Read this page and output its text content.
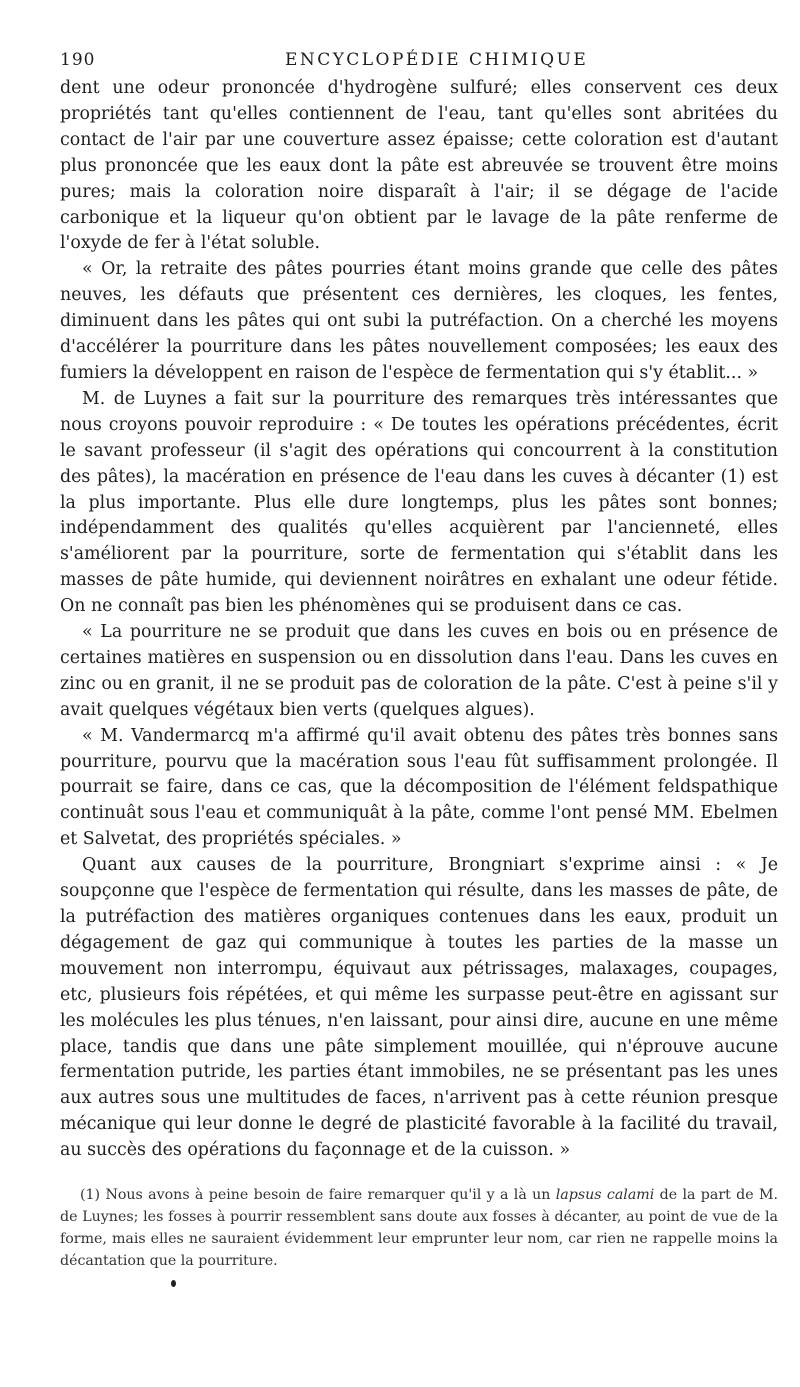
190	ENCYCLOPÉDIE CHIMIQUE

dent une odeur prononcée d'hydrogène sulfuré; elles conservent ces deux propriétés tant qu'elles contiennent de l'eau, tant qu'elles sont abritées du contact de l'air par une couverture assez épaisse; cette coloration est d'autant plus prononcée que les eaux dont la pâte est abreuvée se trouvent être moins pures; mais la coloration noire disparaît à l'air; il se dégage de l'acide carbonique et la liqueur qu'on obtient par le lavage de la pâte renferme de l'oxyde de fer à l'état soluble.

« Or, la retraite des pâtes pourries étant moins grande que celle des pâtes neuves, les défauts que présentent ces dernières, les cloques, les fentes, diminuent dans les pâtes qui ont subi la putréfaction. On a cherché les moyens d'accélérer la pourriture dans les pâtes nouvellement composées; les eaux des fumiers la développent en raison de l'espèce de fermentation qui s'y établit... »

M. de Luynes a fait sur la pourriture des remarques très intéressantes que nous croyons pouvoir reproduire : « De toutes les opérations précédentes, écrit le savant professeur (il s'agit des opérations qui concourrent à la constitution des pâtes), la macération en présence de l'eau dans les cuves à décanter (1) est la plus importante. Plus elle dure longtemps, plus les pâtes sont bonnes; indépendamment des qualités qu'elles acquièrent par l'ancienneté, elles s'améliorent par la pourriture, sorte de fermentation qui s'établit dans les masses de pâte humide, qui deviennent noirâtres en exhalant une odeur fétide. On ne connaît pas bien les phénomènes qui se produisent dans ce cas.

« La pourriture ne se produit que dans les cuves en bois ou en présence de certaines matières en suspension ou en dissolution dans l'eau. Dans les cuves en zinc ou en granit, il ne se produit pas de coloration de la pâte. C'est à peine s'il y avait quelques végétaux bien verts (quelques algues).

« M. Vandermarcq m'a affirmé qu'il avait obtenu des pâtes très bonnes sans pourriture, pourvu que la macération sous l'eau fût suffisamment prolongée. Il pourrait se faire, dans ce cas, que la décomposition de l'élément feldspathique continuât sous l'eau et communiquât à la pâte, comme l'ont pensé MM. Ebelmen et Salvetat, des propriétés spéciales. »

Quant aux causes de la pourriture, Brongniart s'exprime ainsi : « Je soupçonne que l'espèce de fermentation qui résulte, dans les masses de pâte, de la putréfaction des matières organiques contenues dans les eaux, produit un dégagement de gaz qui communique à toutes les parties de la masse un mouvement non interrompu, équivaut aux pétrissages, malaxages, coupages, etc, plusieurs fois répétées, et qui même les surpasse peut-être en agissant sur les molécules les plus ténues, n'en laissant, pour ainsi dire, aucune en une même place, tandis que dans une pâte simplement mouillée, qui n'éprouve aucune fermentation putride, les parties étant immobiles, ne se présentant pas les unes aux autres sous une multitudes de faces, n'arrivent pas à cette réunion presque mécanique qui leur donne le degré de plasticité favorable à la facilité du travail, au succès des opérations du façonnage et de la cuisson. »

(1) Nous avons à peine besoin de faire remarquer qu'il y a là un lapsus calami de la part de M. de Luynes; les fosses à pourrir ressemblent sans doute aux fosses à décanter, au point de vue de la forme, mais elles ne sauraient évidemment leur emprunter leur nom, car rien ne rappelle moins la décantation que la pourriture.
